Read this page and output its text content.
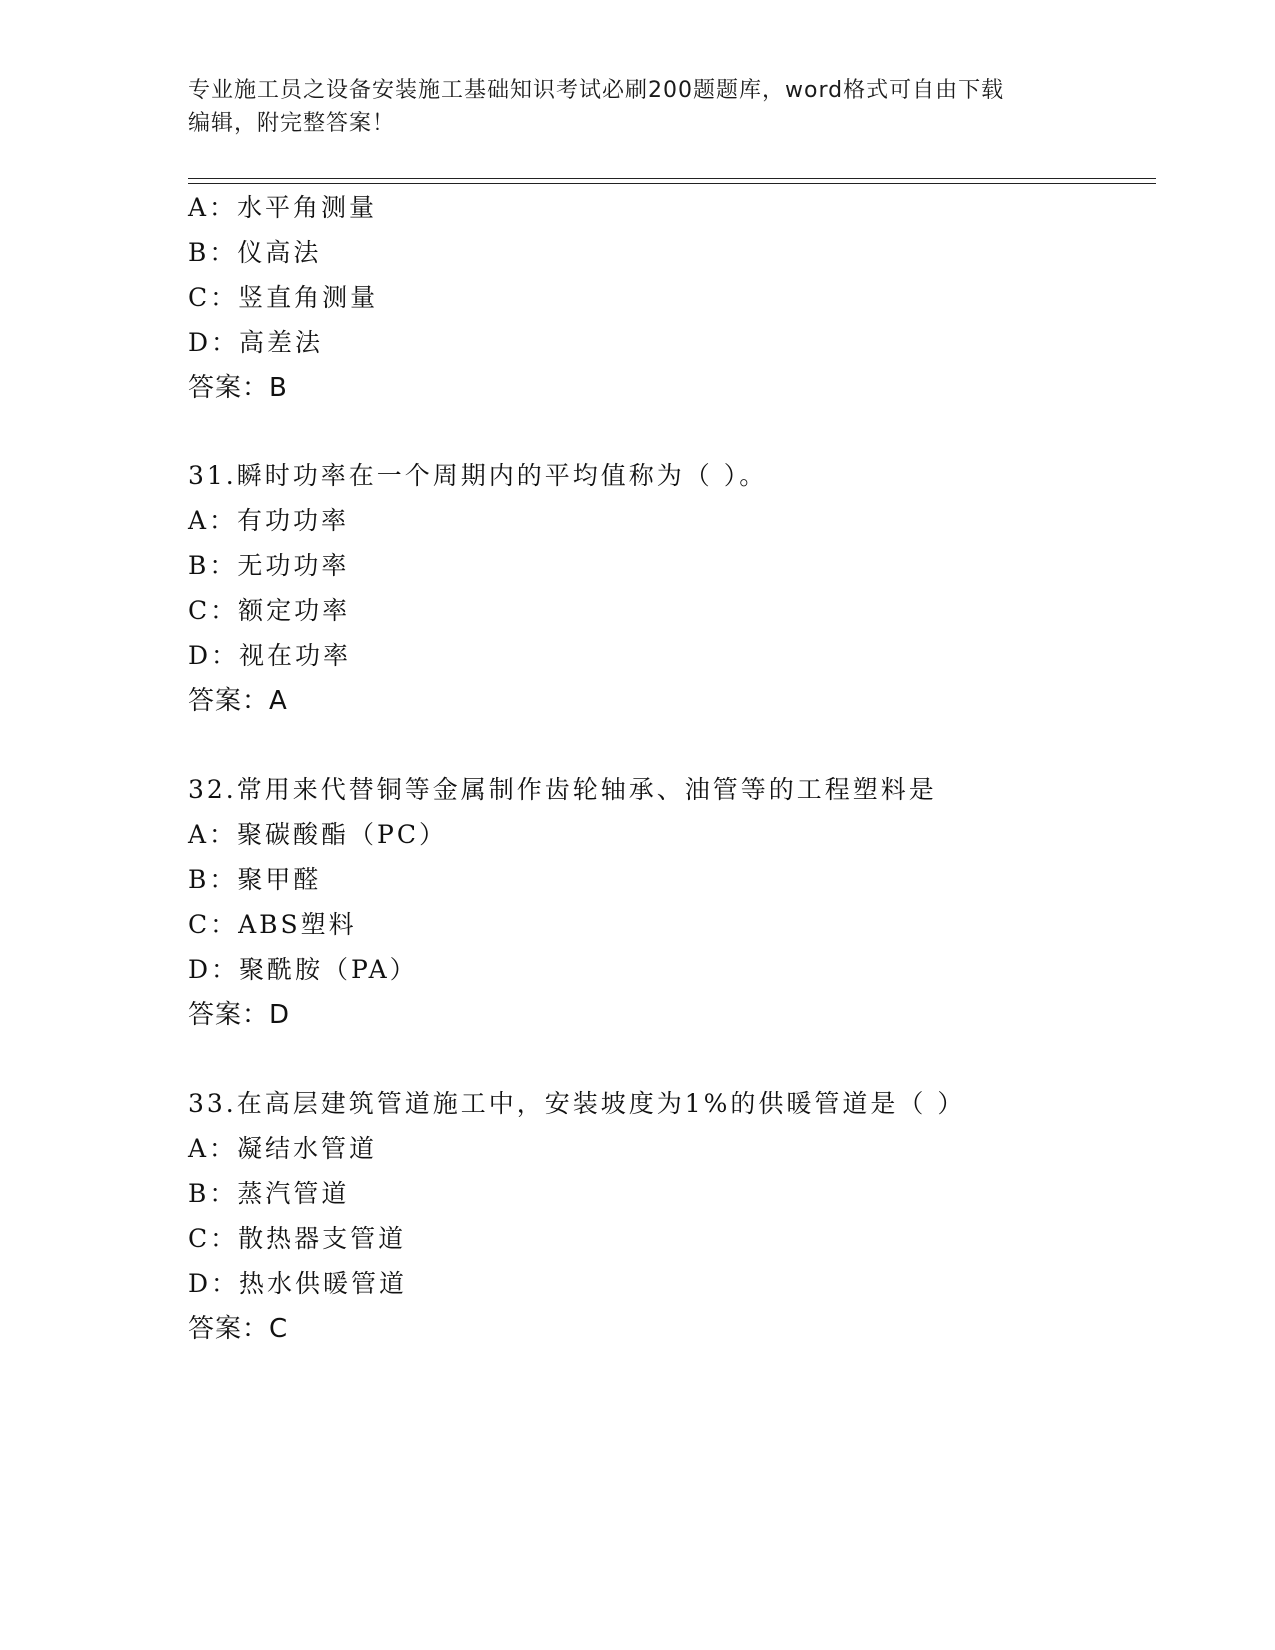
专业施工员之设备安装施工基础知识考试必刷200题题库，word格式可自由下载
编辑，附完整答案！
A：水平角测量
B：仪高法
C：竖直角测量
D：高差法
答案：B
31.瞬时功率在一个周期内的平均值称为（ ）。
A：有功功率
B：无功功率
C：额定功率
D：视在功率
答案：A
32.常用来代替铜等金属制作齿轮轴承、油管等的工程塑料是
A：聚碳酸酯（PC）
B：聚甲醛
C：ABS塑料
D：聚酰胺（PA）
答案：D
33.在高层建筑管道施工中，安装坡度为1%的供暖管道是（ ）
A：凝结水管道
B：蒸汽管道
C：散热器支管道
D：热水供暖管道
答案：C
